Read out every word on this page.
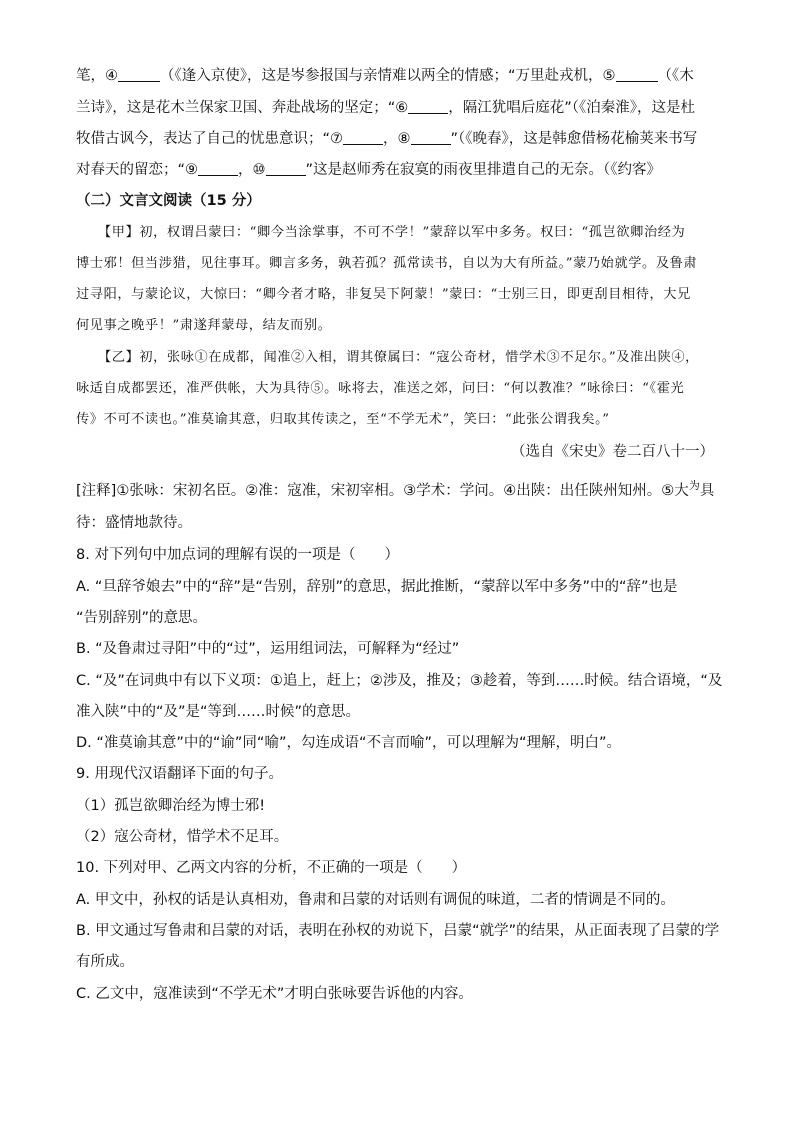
笔，④	（《逢入京使》，这是岑参报国与亲情难以两全的情感；“万里赴戎机，⑤	（《木
兰诗》，这是花木兰保家卫国、奔赴战场的坚定；“⑥	，隔江犹唱后庭花”（《泊秦淮》，这是杜
牧借古讽今，表达了自己的忧患意识；“⑦	，⑧	”（《晚春》，这是韩愈借杨花榆荚来书写
对春天的留恋；“⑨	，⑩	”这是赵师秀在寂寞的雨夜里排遣自己的无奈。（《约客》
（二）文言文阅读（15 分）
【甲】初，权谓吕蒙曰：“卿今当涂掌事，不可不学！”蒙辞以军中多务。权曰：“孤岂欲卿治经为
博士邪！但当涉猎，见往事耳。卿言多务，孰若孤？孤常读书，自以为大有所益。”蒙乃始就学。及鲁肃
过寻阳，与蒙论议，大惊曰：“卿今者才略，非复吴下阿蒙！”蒙曰：“士别三日，即更刮目相待，大兄
何见事之晚乎！”肃遂拜蒙母，结友而别。
【乙】初，张咏①在成都，闻准②入相，谓其僚属曰：“寇公奇材，惜学术③不足尔。”及准出陕④，
咏适自成都罢还，准严供帐，大为具待⑤。咏将去，准送之郊，问曰：“何以教准？”咏徐曰：“《霍光
传》不可不读也。”准莫谕其意，归取其传读之，至“不学无术”，笑曰：“此张公谓我矣。”
（选自《宋史》卷二百八十一）
[注释]①张咏：宋初名臣。②准：寇准，宋初宰相。③学术：学问。④出陕：出任陕州知州。⑤大$^为$具
待：盛情地款待。
8. 对下列句中加点词的理解有误的一项是（　　）
A. “旦辞爷娘去”中的“辞”是“告别，辞别”的意思，据此推断，“蒙辞以军中多务”中的“辞”也是
“告别辞别”的意思。
B. “及鲁肃过寻阳”中的“过”，运用组词法，可解释为“经过”
C. “及”在词典中有以下义项：①追上，赶上；②涉及，推及；③趁着，等到……时候。结合语境，“及
准入陕”中的“及”是“等到……时候”的意思。
D. “准莫谕其意”中的“谕”同“喻”，勾连成语“不言而喻”，可以理解为“理解，明白”。
9. 用现代汉语翻译下面的句子。
（1）孤岂欲卿治经为博士邪!
（2）寇公奇材，惜学术不足耳。
10. 下列对甲、乙两文内容的分析，不正确的一项是（　　）
A. 甲文中，孙权的话是认真相劝，鲁肃和吕蒙的对话则有调侃的味道，二者的情调是不同的。
B. 甲文通过写鲁肃和吕蒙的对话，表明在孙权的劝说下，吕蒙“就学”的结果，从正面表现了吕蒙的学
有所成。
C. 乙文中，寇准读到“不学无术”才明白张咏要告诉他的内容。
